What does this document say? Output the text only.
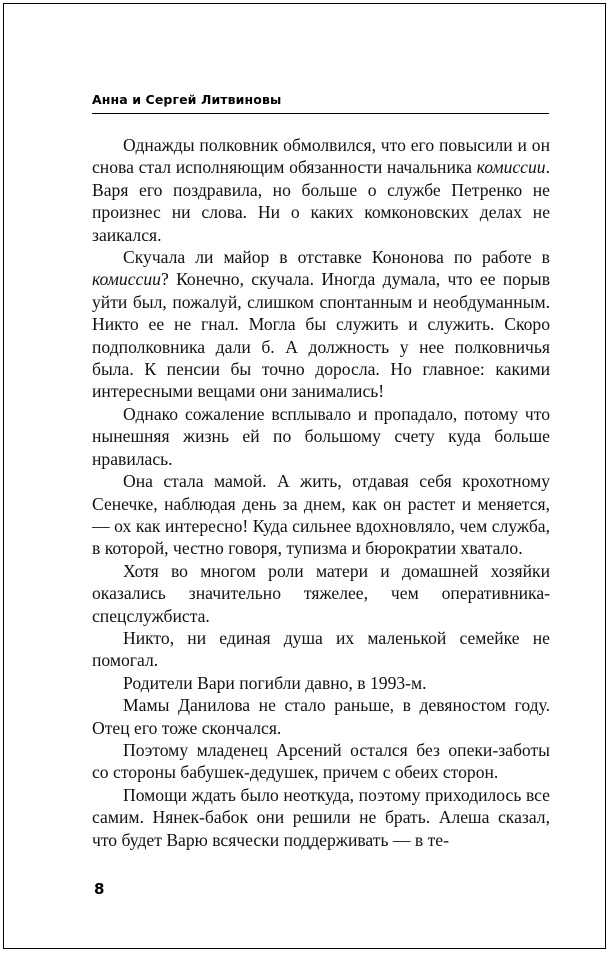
Анна и Сергей Литвиновы

Однажды полковник обмолвился, что его повысили и он снова стал исполняющим обязанности начальника комиссии. Варя его поздравила, но больше о службе Петренко не произнес ни слова. Ни о каких комконовских делах не заикался.

Скучала ли майор в отставке Кононова по работе в комиссии? Конечно, скучала. Иногда думала, что ее порыв уйти был, пожалуй, слишком спонтанным и необдуманным. Никто ее не гнал. Могла бы служить и служить. Скоро подполковника дали б. А должность у нее полковничья была. К пенсии бы точно доросла. Но главное: какими интересными вещами они занимались!

Однако сожаление всплывало и пропадало, потому что нынешняя жизнь ей по большому счету куда больше нравилась.

Она стала мамой. А жить, отдавая себя крохотному Сенечке, наблюдая день за днем, как он растет и меняется, — ох как интересно! Куда сильнее вдохновляло, чем служба, в которой, честно говоря, тупизма и бюрократии хватало.

Хотя во многом роли матери и домашней хозяйки оказались значительно тяжелее, чем оперативника-спецслужбиста.

Никто, ни единая душа их маленькой семейке не помогал.

Родители Вари погибли давно, в 1993-м.

Мамы Данилова не стало раньше, в девяностом году. Отец его тоже скончался.

Поэтому младенец Арсений остался без опеки-заботы со стороны бабушек-дедушек, причем с обеих сторон.

Помощи ждать было неоткуда, поэтому приходилось все самим. Нянек-бабок они решили не брать. Алеша сказал, что будет Варю всячески поддерживать — в те-

8
